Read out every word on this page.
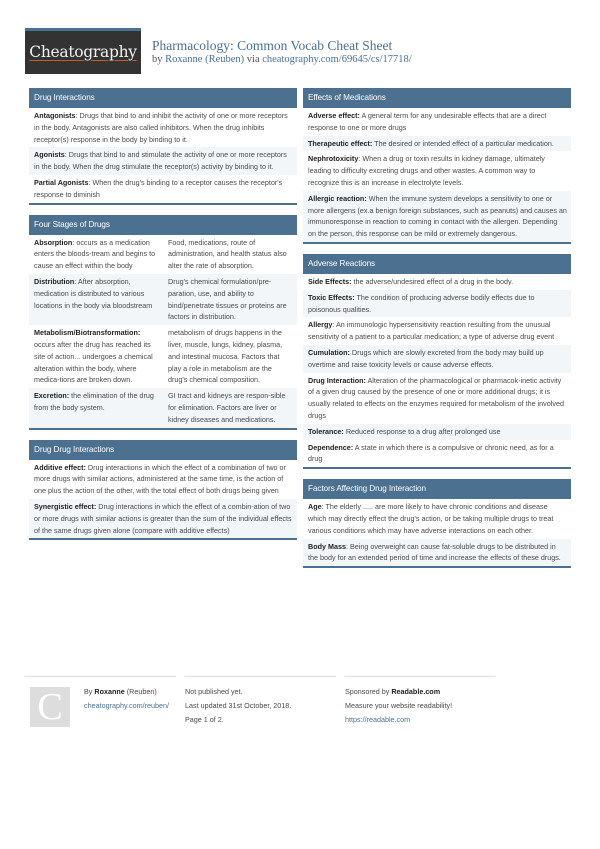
Cheatography Pharmacology: Common Vocab Cheat Sheet
by Roxanne (Reuben) via cheatography.com/69645/cs/17718/
Drug Interactions
Antagonists: Drugs that bind to and inhibit the activity of one or more receptors in the body. Antagonists are also called inhibitors. When the drug inhibits receptor(s) response in the body by binding to it.
Agonists: Drugs that bind to and stimulate the activity of one or more receptors in the body. When the drug stimulate the receptor(s) activity by binding to it.
Partial Agonists: When the drug's binding to a receptor causes the receptor's response to diminish
Four Stages of Drugs
Absorption: occurs as a medication enters the bloods-tream and begins to cause an effect within the body
Food, medications, route of administration, and health status also alter the rate of absorption.
Distribution: After absorption, medication is distributed to various locations in the body via bloodstream
Drug's chemical formulation/pre-paration, use, and ability to bind/penetrate tissues or proteins are factors in distribution.
Metabolism/Biotransformation: occurs after the drug has reached its site of action... undergoes a chemical alteration within the body, where medica-tions are broken down.
metabolism of drugs happens in the liver, muscle, lungs, kidney, plasma, and intestinal mucosa. Factors that play a role in metabolism are the drug's chemical composition.
Excretion: the elimination of the drug from the body system.
GI tract and kidneys are respon-sible for elimination. Factors are liver or kidney diseases and medications.
Drug Drug Interactions
Additive effect: Drug interactions in which the effect of a combination of two or more drugs with similar actions, administered at the same time, is the action of one plus the action of the other, with the total effect of both drugs being given
Synergistic effect: Drug interactions in which the effect of a combin-ation of two or more drugs with similar actions is greater than the sum of the individual effects of the same drugs given alone (compare with additive effects)
Effects of Medications
Adverse effect: A general term for any undesirable effects that are a direct response to one or more drugs
Therapeutic effect: The desired or intended effect of a particular medication.
Nephrotoxicity: When a drug or toxin results in kidney damage, ultimately leading to difficulty excreting drugs and other wastes. A common way to recognize this is an increase in electrolyte levels.
Allergic reaction: When the immune system develops a sensitivity to one or more allergens (ex.a benign foreign substances, such as peanuts) and causes an immunoresponse in reaction to coming in contact with the allergen. Depending on the person, this response can be mild or extremely dangerous.
Adverse Reactions
Side Effects: the adverse/undesired effect of a drug in the body.
Toxic Effects: The condition of producing adverse bodily effects due to poisonous qualities.
Allergy: An immunologic hypersensitivity reaction resulting from the unusual sensitivity of a patient to a particular medication; a type of adverse drug event
Cumulation: Drugs which are slowly excreted from the body may build up overtime and raise toxicity levels or cause adverse effects.
Drug Interaction: Alteration of the pharmacological or pharmacok-inetic activity of a given drug caused by the presence of one or more additional drugs; it is usually related to effects on the enzymes required for metabolism of the involved drugs
Tolerance: Reduced response to a drug after prolonged use
Dependence: A state in which there is a compulsive or chronic need, as for a drug
Factors Affecting Drug Interaction
Age: The elderly ..... are more likely to have chronic conditions and disease which may directly effect the drug's action, or be taking multiple drugs to treat various conditions which may have adverse interactions on each other.
Body Mass: Being overweight can cause fat-soluble drugs to be distributed in the body for an extended period of time and increase the effects of these drugs.
C	By Roxanne (Reuben)
cheatography.com/reuben/
Not published yet.
Last updated 31st October, 2018.
Page 1 of 2.
Sponsored by Readable.com
Measure your website readability!
https://readable.com
